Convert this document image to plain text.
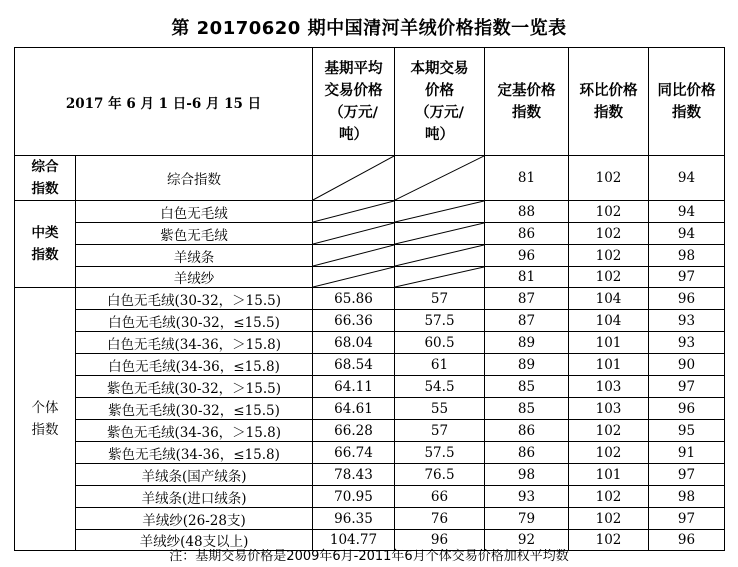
第 20170620 期中国清河羊绒价格指数一览表
2017 年 6 月 1 日-6 月 15 日		基期平均
交易价格
（万元/
吨）	本期交易
价格
（万元/
吨）	定基价格
指数	环比价格
指数	同比价格
指数
综合
指数	综合指数			81	102	94
中类
指数	白色无毛绒			88	102	94
	紫色无毛绒			86	102	94
	羊绒条			96	102	98
	羊绒纱			81	102	97
个体
指数	白色无毛绒(30-32，＞15.5)	65.86	57	87	104	96
	白色无毛绒(30-32，≤15.5)	66.36	57.5	87	104	93
	白色无毛绒(34-36，＞15.8)	68.04	60.5	89	101	93
	白色无毛绒(34-36，≤15.8)	68.54	61	89	101	90
	紫色无毛绒(30-32，＞15.5)	64.11	54.5	85	103	97
	紫色无毛绒(30-32，≤15.5)	64.61	55	85	103	96
	紫色无毛绒(34-36，＞15.8)	66.28	57	86	102	95
	紫色无毛绒(34-36，≤15.8)	66.74	57.5	86	102	91
	羊绒条(国产绒条)	78.43	76.5	98	101	97
	羊绒条(进口绒条)	70.95	66	93	102	98
	羊绒纱(26-28支)	96.35	76	79	102	97
	羊绒纱(48支以上)	104.77	96	92	102	96
注：基期交易价格是2009年6月-2011年6月个体交易价格加权平均数
